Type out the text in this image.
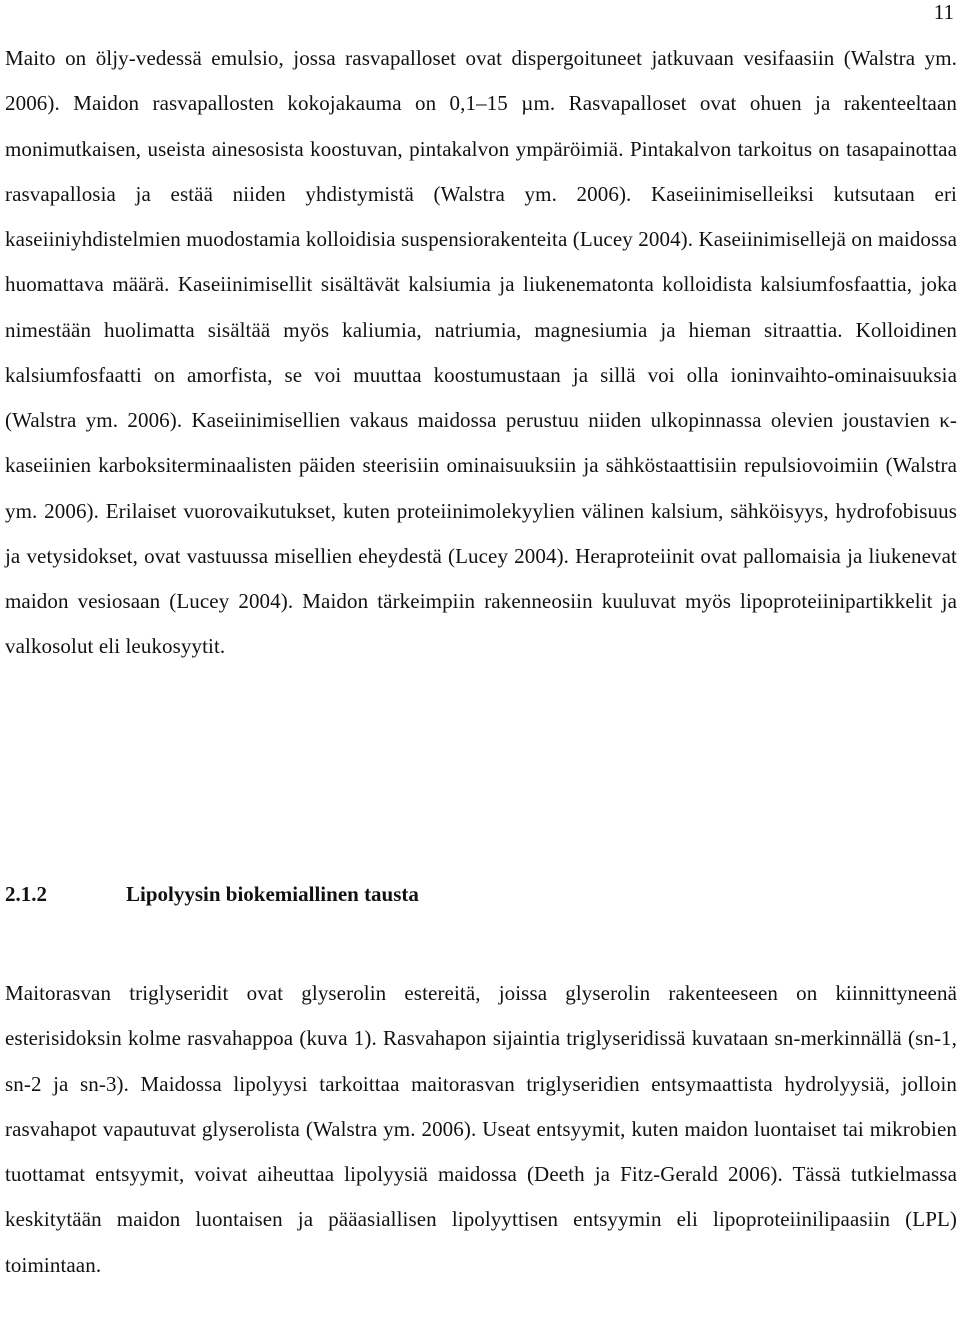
11

Maito on öljy-vedessä emulsio, jossa rasvapalloset ovat dispergoituneet jatkuvaan vesifaasiin (Walstra ym. 2006). Maidon rasvapallosten kokojakauma on 0,1–15 µm. Rasvapalloset ovat ohuen ja rakenteeltaan monimutkaisen, useista ainesosista koostuvan, pintakalvon ympäröimiä. Pintakalvon tarkoitus on tasapainottaa rasvapallosia ja estää niiden yhdistymistä (Walstra ym. 2006). Kaseiinimiselleiksi kutsutaan eri kaseiiniyhdistelmien muodostamia kolloidisia suspensiorakenteita (Lucey 2004). Kaseiinimisellejä on maidossa huomattava määrä. Kaseiinimisellit sisältävät kalsiumia ja liukenematonta kolloidista kalsiumfosfaattia, joka nimestään huolimatta sisältää myös kaliumia, natriumia, magnesiumia ja hieman sitraattia. Kolloidinen kalsiumfosfaatti on amorfista, se voi muuttaa koostumustaan ja sillä voi olla ioninvaihto-ominaisuuksia (Walstra ym. 2006). Kaseiinimisellien vakaus maidossa perustuu niiden ulkopinnassa olevien joustavien κ-kaseiinien karboksiterminaalisten päiden steerisiin ominaisuuksiin ja sähköstaattisiin repulsiovoimiin (Walstra ym. 2006). Erilaiset vuorovaikutukset, kuten proteiinimolekyylien välinen kalsium, sähköisyys, hydrofobisuus ja vetysidokset, ovat vastuussa misellien eheydestä (Lucey 2004). Heraproteiinit ovat pallomaisia ja liukenevat maidon vesiosaan (Lucey 2004). Maidon tärkeimpiin rakenneosiin kuuluvat myös lipoproteiinipartikkelit ja valkosolut eli leukosyytit.

2.1.2	Lipolyysin biokemiallinen tausta

Maitorasvan triglyseridit ovat glyserolin estereitä, joissa glyserolin rakenteeseen on kiinnittyneenä esterisidoksin kolme rasvahappoa (kuva 1). Rasvahapon sijaintia triglyseridissä kuvataan sn-merkinnällä (sn-1, sn-2 ja sn-3). Maidossa lipolyysi tarkoittaa maitorasvan triglyseridien entsymaattista hydrolyysiä, jolloin rasvahapot vapautuvat glyserolista (Walstra ym. 2006). Useat entsyymit, kuten maidon luontaiset tai mikrobien tuottamat entsyymit, voivat aiheuttaa lipolyysiä maidossa (Deeth ja Fitz-Gerald 2006). Tässä tutkielmassa keskitytään maidon luontaisen ja pääasiallisen lipolyyttisen entsyymin eli lipoproteiinilipaasiin (LPL) toimintaan.
